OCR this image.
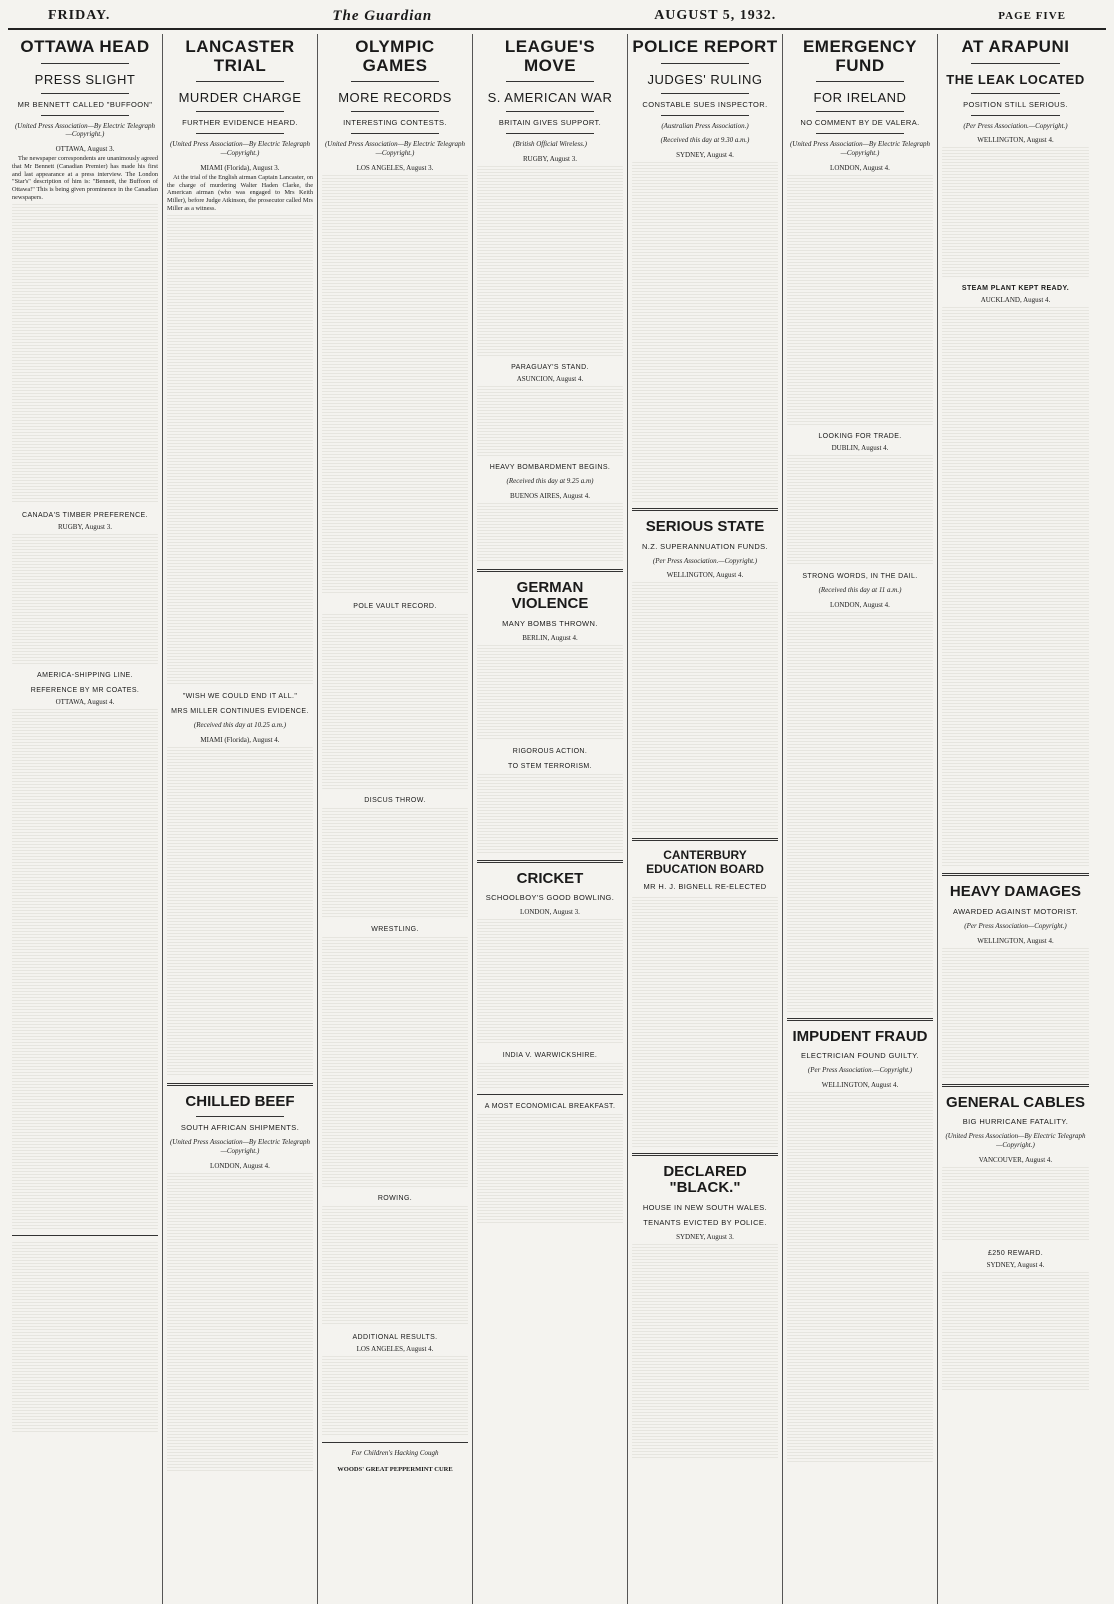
FRIDAY.	The Guardian	AUGUST 5, 1932.	PAGE FIVE
OTTAWA HEAD
PRESS SLIGHT
MR BENNETT CALLED "BUFFOON"
(United Press Association—By Electric Telegraph—Copyright.)
OTTAWA, August 3.

The newspaper correspondents are unanimously agreed that Mr Bennett (Canadian Premier) has made his first and last appearance at a press interview. The London "Star's" description of him is: "Bennett, the Buffoon of Ottawa!" This is being given prominence in the Canadian newspapers.

CANADA'S TIMBER PREFERENCE.
RUGBY, August 3.
AMERICA-SHIPPING LINE.
REFERENCE BY MR COATES.
OTTAWA, August 4.
LANCASTER TRIAL
MURDER CHARGE
FURTHER EVIDENCE HEARD.
(United Press Association—By Electric Telegraph—Copyright.)
MIAMI (Florida), August 3.

At the trial of the English airman Captain Lancaster, on the charge of murdering Walter Haden Clarke, the American airman (who was engaged to Mrs Keith Miller), before Judge Atkinson, the prosecutor called Mrs Miller as a witness.

"WISH WE COULD END IT ALL."
MRS MILLER CONTINUES EVIDENCE.
(Received this day at 10.25 a.m.)
MIAMI (Florida), August 4.
CHILLED BEEF
SOUTH AFRICAN SHIPMENTS.
(United Press Association—By Electric Telegraph—Copyright.)
LONDON, August 4.
OLYMPIC GAMES
MORE RECORDS
INTERESTING CONTESTS.
(United Press Association—By Electric Telegraph—Copyright.)
LOS ANGELES, August 3.
POLE VAULT RECORD.
DISCUS THROW.
WRESTLING.
ROWING.
ADDITIONAL RESULTS.
LOS ANGELES, August 4.
For Children's Hacking Cough
WOODS' GREAT PEPPERMINT CURE
LEAGUE'S MOVE
S. AMERICAN WAR
BRITAIN GIVES SUPPORT.
(British Official Wireless.)
RUGBY, August 3.
PARAGUAY'S STAND.
ASUNCION, August 4.
HEAVY BOMBARDMENT BEGINS.
(Received this day at 9.25 a.m)
BUENOS AIRES, August 4.
GERMAN VIOLENCE
MANY BOMBS THROWN.
BERLIN, August 4.
RIGOROUS ACTION.
TO STEM TERRORISM.
CRICKET
SCHOOLBOY'S GOOD BOWLING.
LONDON, August 3.
INDIA V. WARWICKSHIRE.
A MOST ECONOMICAL BREAKFAST.
POLICE REPORT
JUDGES' RULING
CONSTABLE SUES INSPECTOR.
(Australian Press Association.)
(Received this day at 9.30 a.m.)
SYDNEY, August 4.
SERIOUS STATE
N.Z. SUPERANNUATION FUNDS.
(Per Press Association.—Copyright.)
WELLINGTON, August 4.
CANTERBURY EDUCATION BOARD
MR H. J. BIGNELL RE-ELECTED
DECLARED "BLACK."
HOUSE IN NEW SOUTH WALES.
TENANTS EVICTED BY POLICE.
SYDNEY, August 3.
EMERGENCY FUND
FOR IRELAND
NO COMMENT BY DE VALERA.
(United Press Association—By Electric Telegraph—Copyright.)
LONDON, August 4.
LOOKING FOR TRADE.
DUBLIN, August 4.
STRONG WORDS, IN THE DAIL.
(Received this day at 11 a.m.)
LONDON, August 4.
IMPUDENT FRAUD
ELECTRICIAN FOUND GUILTY.
(Per Press Association.—Copyright.)
WELLINGTON, August 4.
AT ARAPUNI
THE LEAK LOCATED
POSITION STILL SERIOUS.
(Per Press Association.—Copyright.)
WELLINGTON, August 4.
STEAM PLANT KEPT READY.
AUCKLAND, August 4.
HEAVY DAMAGES
AWARDED AGAINST MOTORIST.
(Per Press Association—Copyright.)
WELLINGTON, August 4.
GENERAL CABLES
BIG HURRICANE FATALITY.
(United Press Association—By Electric Telegraph—Copyright.)
VANCOUVER, August 4.
£250 REWARD.
SYDNEY, August 4.
